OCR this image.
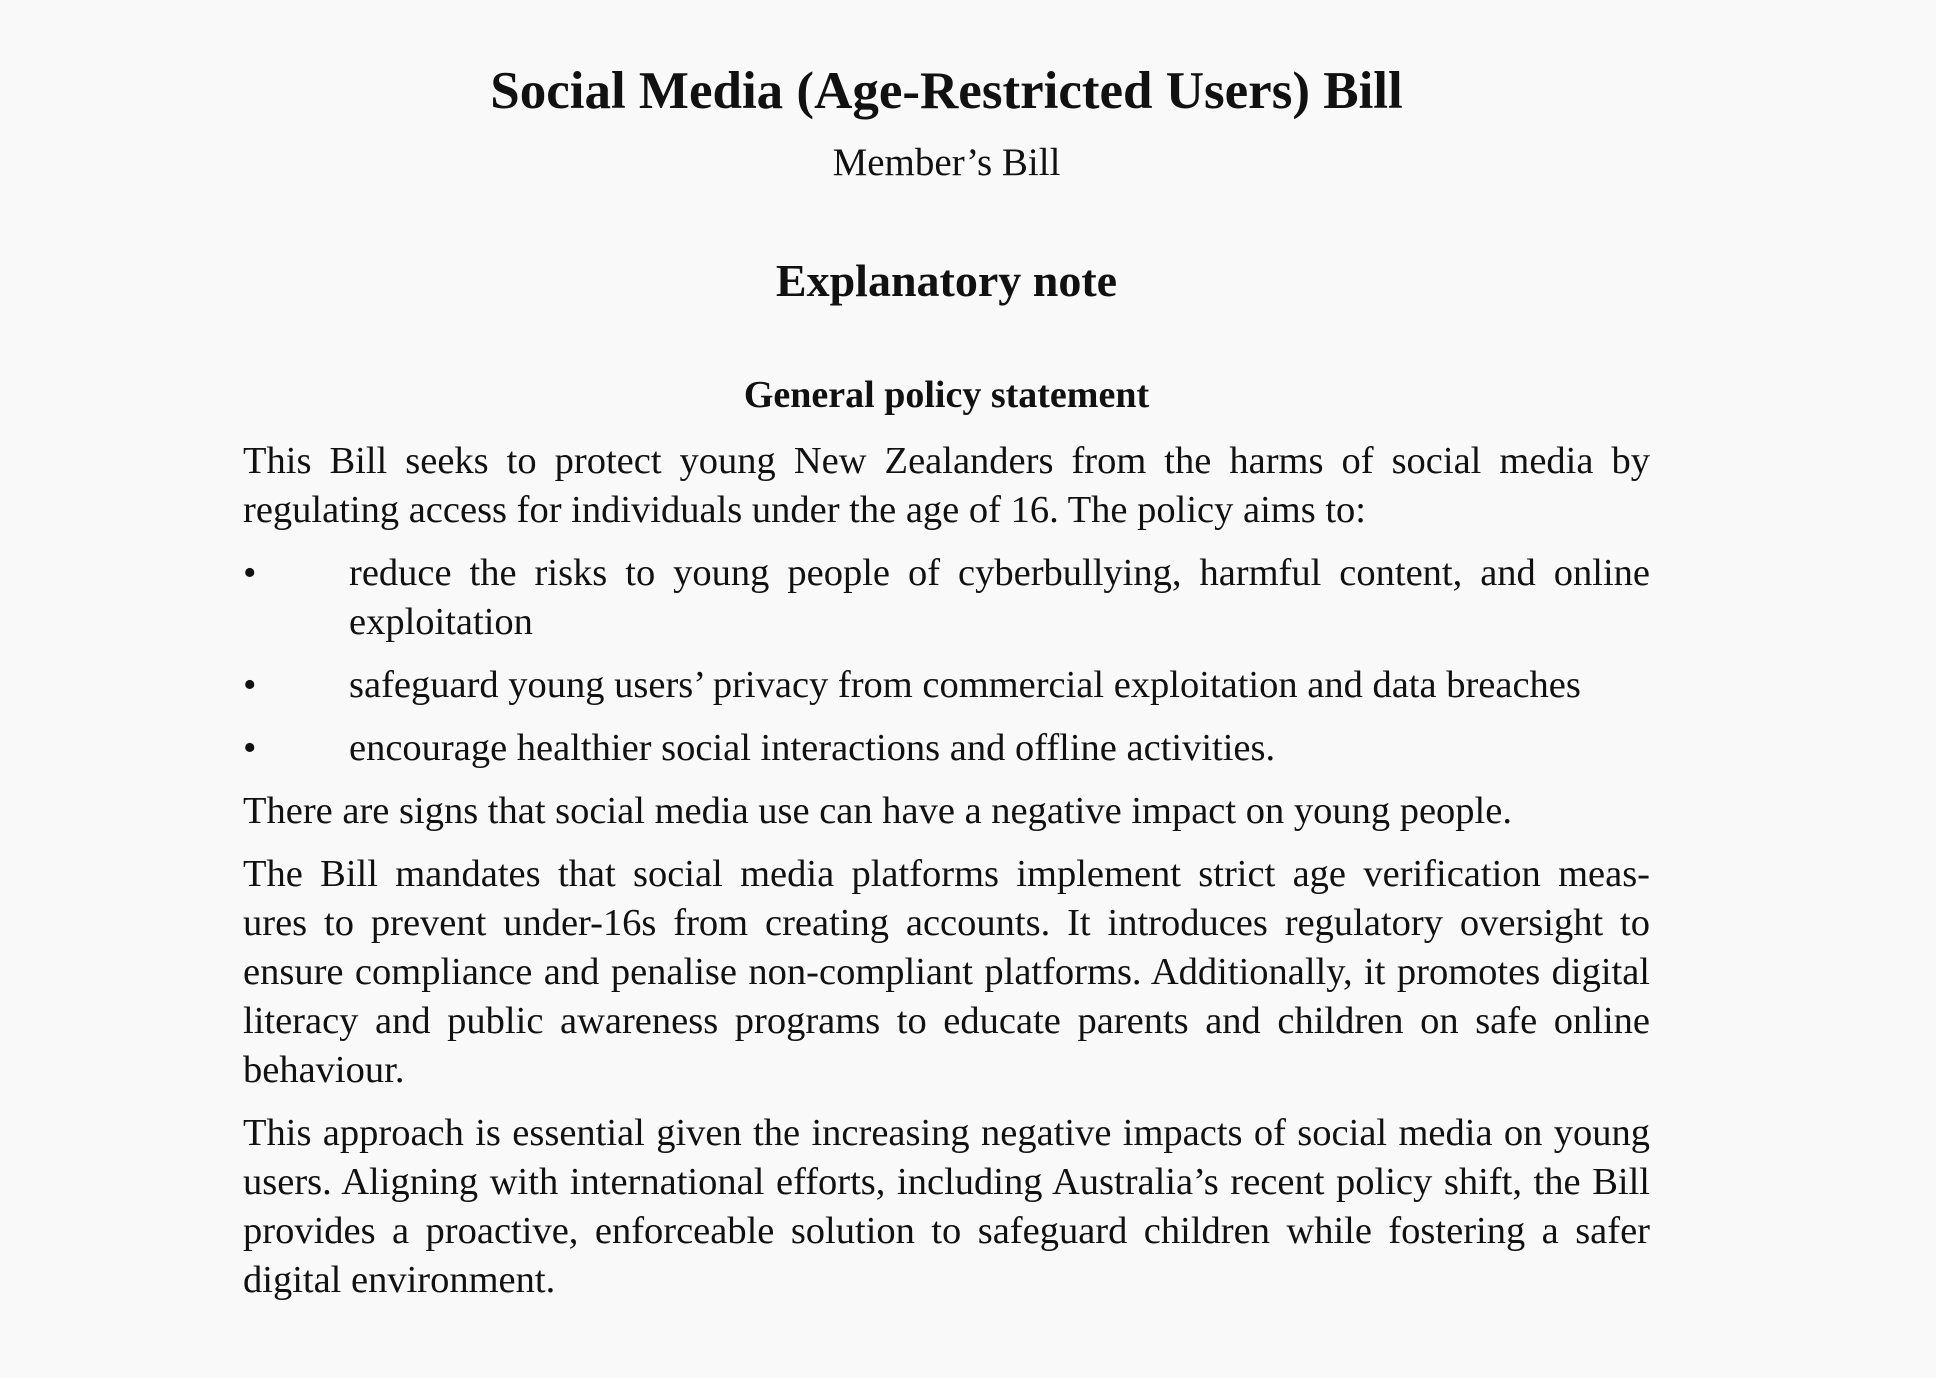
Social Media (Age-Restricted Users) Bill
Member’s Bill
Explanatory note
General policy statement

This Bill seeks to protect young New Zealanders from the harms of social media by regulating access for individuals under the age of 16. The policy aims to:

• reduce the risks to young people of cyberbullying, harmful content, and online exploitation
• safeguard young users’ privacy from commercial exploitation and data breaches
• encourage healthier social interactions and offline activities.

There are signs that social media use can have a negative impact on young people.

The Bill mandates that social media platforms implement strict age verification meas-
ures to prevent under-16s from creating accounts. It introduces regulatory oversight to ensure compliance and penalise non-compliant platforms. Additionally, it promotes digital literacy and public awareness programs to educate parents and children on safe online behaviour.

This approach is essential given the increasing negative impacts of social media on young users. Aligning with international efforts, including Australia’s recent policy shift, the Bill provides a proactive, enforceable solution to safeguard children while fostering a safer digital environment.
